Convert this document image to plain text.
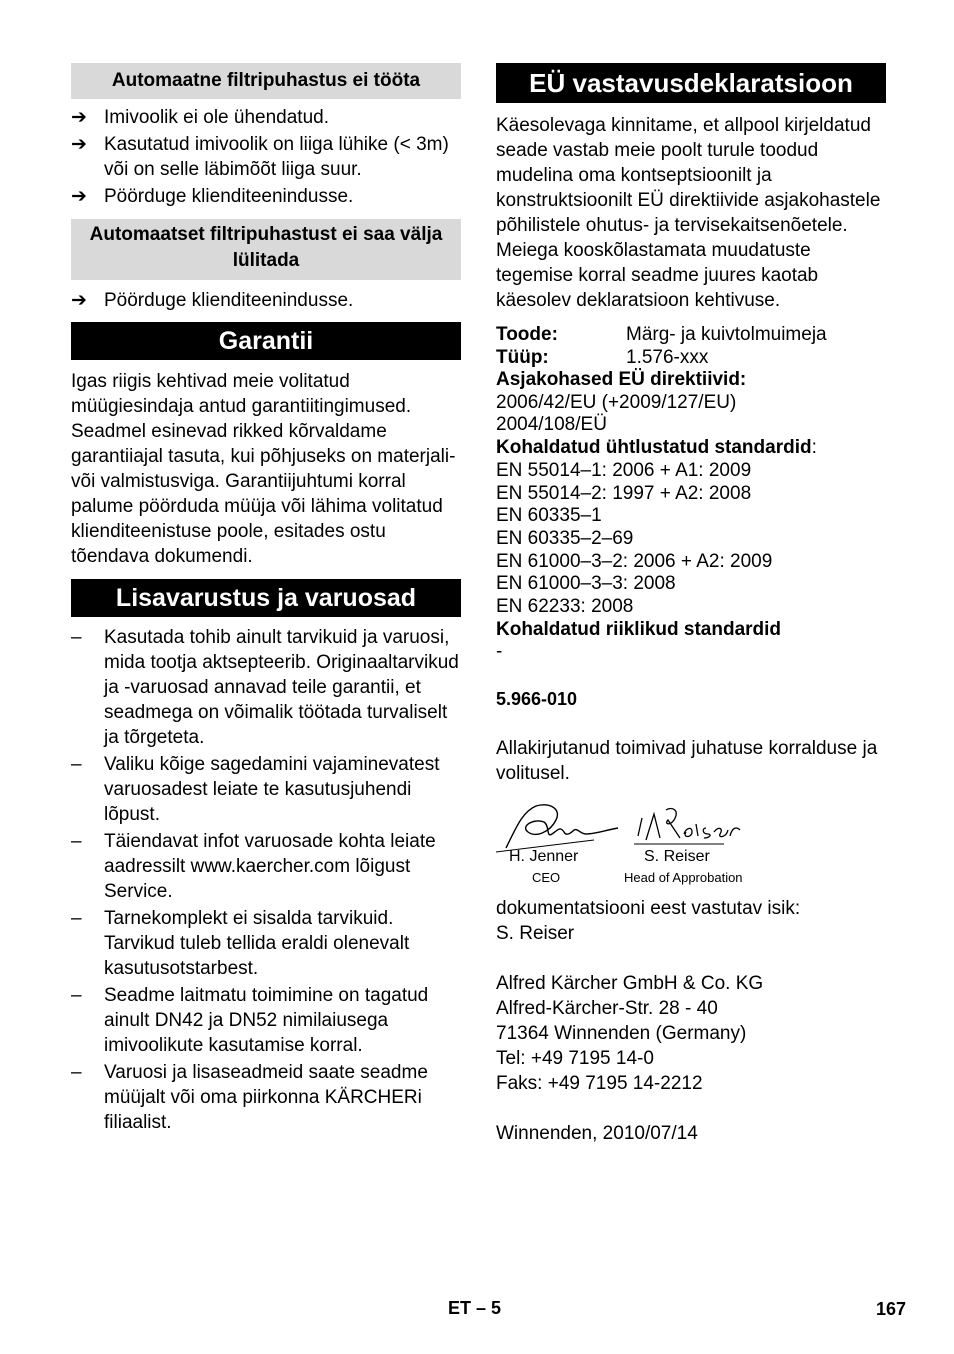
Automaatne filtripuhastus ei tööta
➔ Imivoolik ei ole ühendatud.
➔ Kasutatud imivoolik on liiga lühike (< 3m) või on selle läbimõõt liiga suur.
➔ Pöörduge klienditeenindusse.
Automaatset filtripuhastust ei saa välja lülitada
➔ Pöörduge klienditeenindusse.
Garantii

Igas riigis kehtivad meie volitatud müügiesindaja antud garantiitingimused. Seadmel esinevad rikked kõrvaldame garantiiajal tasuta, kui põhjuseks on materjali- või valmistusviga. Garantiijuhtumi korral palume pöörduda müüja või lähima volitatud klienditeenistuse poole, esitades ostu tõendava dokumendi.

Lisavarustus ja varuosad
– Kasutada tohib ainult tarvikuid ja varuosi, mida tootja aktsepteerib. Originaaltarvikud ja -varuosad annavad teile garantii, et seadmega on võimalik töötada turvaliselt ja tõrgeteta.
– Valiku kõige sagedamini vajaminevatest varuosadest leiate te kasutusjuhendi lõpust.
– Täiendavat infot varuosade kohta leiate aadressilt www.kaercher.com lõigust Service.
– Tarnekomplekt ei sisalda tarvikuid. Tarvikud tuleb tellida eraldi olenevalt kasutusotstarbest.
– Seadme laitmatu toimimine on tagatud ainult DN42 ja DN52 nimilaiusega imivoolikute kasutamise korral.
– Varuosi ja lisaseadmeid saate seadme müüjalt või oma piirkonna KÄRCHERi filiaalist.
EÜ vastavusdeklaratsioon

Käesolevaga kinnitame, et allpool kirjeldatud seade vastab meie poolt turule toodud mudelina oma kontseptsioonilt ja konstruktsioonilt EÜ direktiivide asjakohastele põhilistele ohutus- ja tervisekaitsenõetele. Meiega kooskõlastamata muudatuste tegemise korral seadme juures kaotab käesolev deklaratsioon kehtivuse.

Toode:	Märg- ja kuivtolmuimeja
Tüüp:	1.576-xxx
Asjakohased EÜ direktiivid:
2006/42/EU (+2009/127/EU)
2004/108/EÜ
Kohaldatud ühtlustatud standardid:
EN 55014–1: 2006 + A1: 2009
EN 55014–2: 1997 + A2: 2008
EN 60335–1
EN 60335–2–69
EN 61000–3–2: 2006 + A2: 2009
EN 61000–3–3: 2008
EN 62233: 2008
Kohaldatud riiklikud standardid
-
5.966-010

Allakirjutanud toimivad juhatuse korralduse ja volitusel.

H. Jenner
CEO
S. Reiser
Head of Approbation
dokumentatsiooni eest vastutav isik:
S. Reiser
Alfred Kärcher GmbH & Co. KG
Alfred-Kärcher-Str. 28 - 40
71364 Winnenden (Germany)
Tel: +49 7195 14-0
Faks: +49 7195 14-2212
Winnenden, 2010/07/14
ET – 5	167
